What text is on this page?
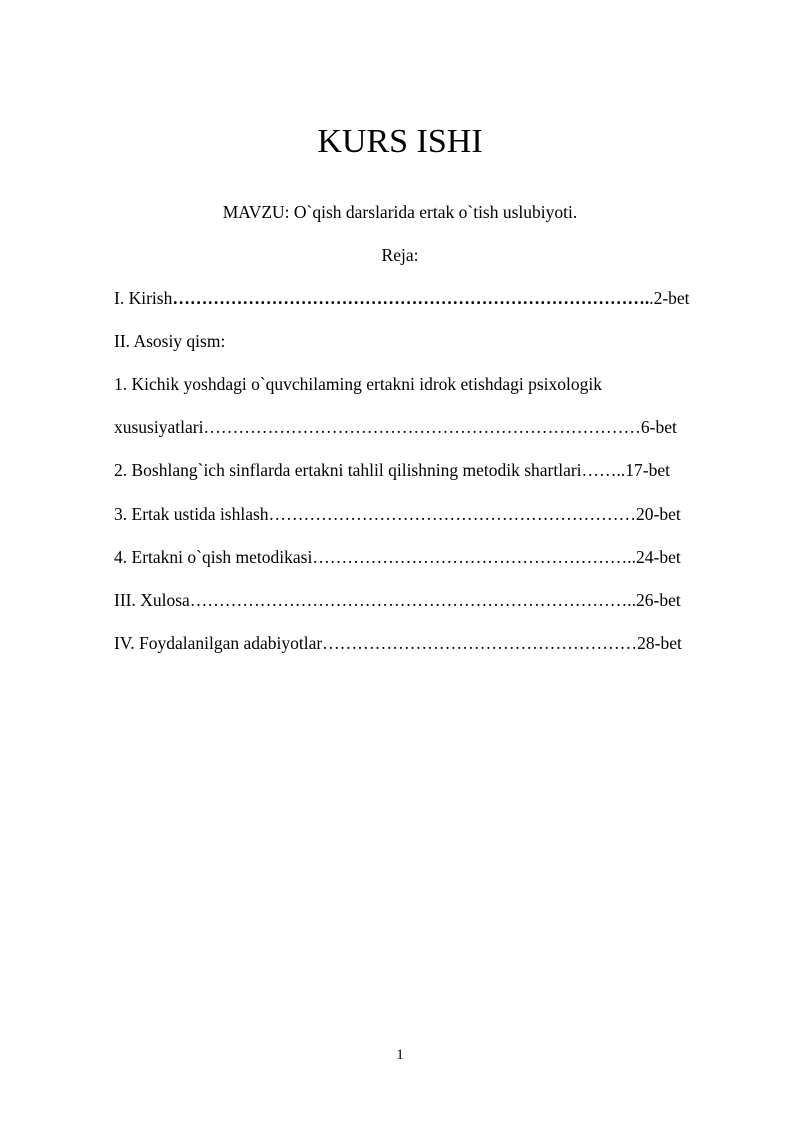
KURS ISHI
MAVZU: O`qish darslarida ertak o`tish uslubiyoti.
Reja:
I. Kirish………………………………………………………………………..2-bet
II. Asosiy qism:
1. Kichik yoshdagi o`quvchilaming ertakni idrok etishdagi psixologik
xususiyatlari…………………………………………………………………6-bet
2. Boshlang`ich sinflarda ertakni tahlil qilishning metodik shartlari……..17-bet
3. Ertak ustida ishlash………………………………………………………20-bet
4. Ertakni o`qish metodikasi………………………………………………..24-bet
III. Xulosa…………………………………………………………………..26-bet
IV. Foydalanilgan adabiyotlar………………………………………………28-bet
1
